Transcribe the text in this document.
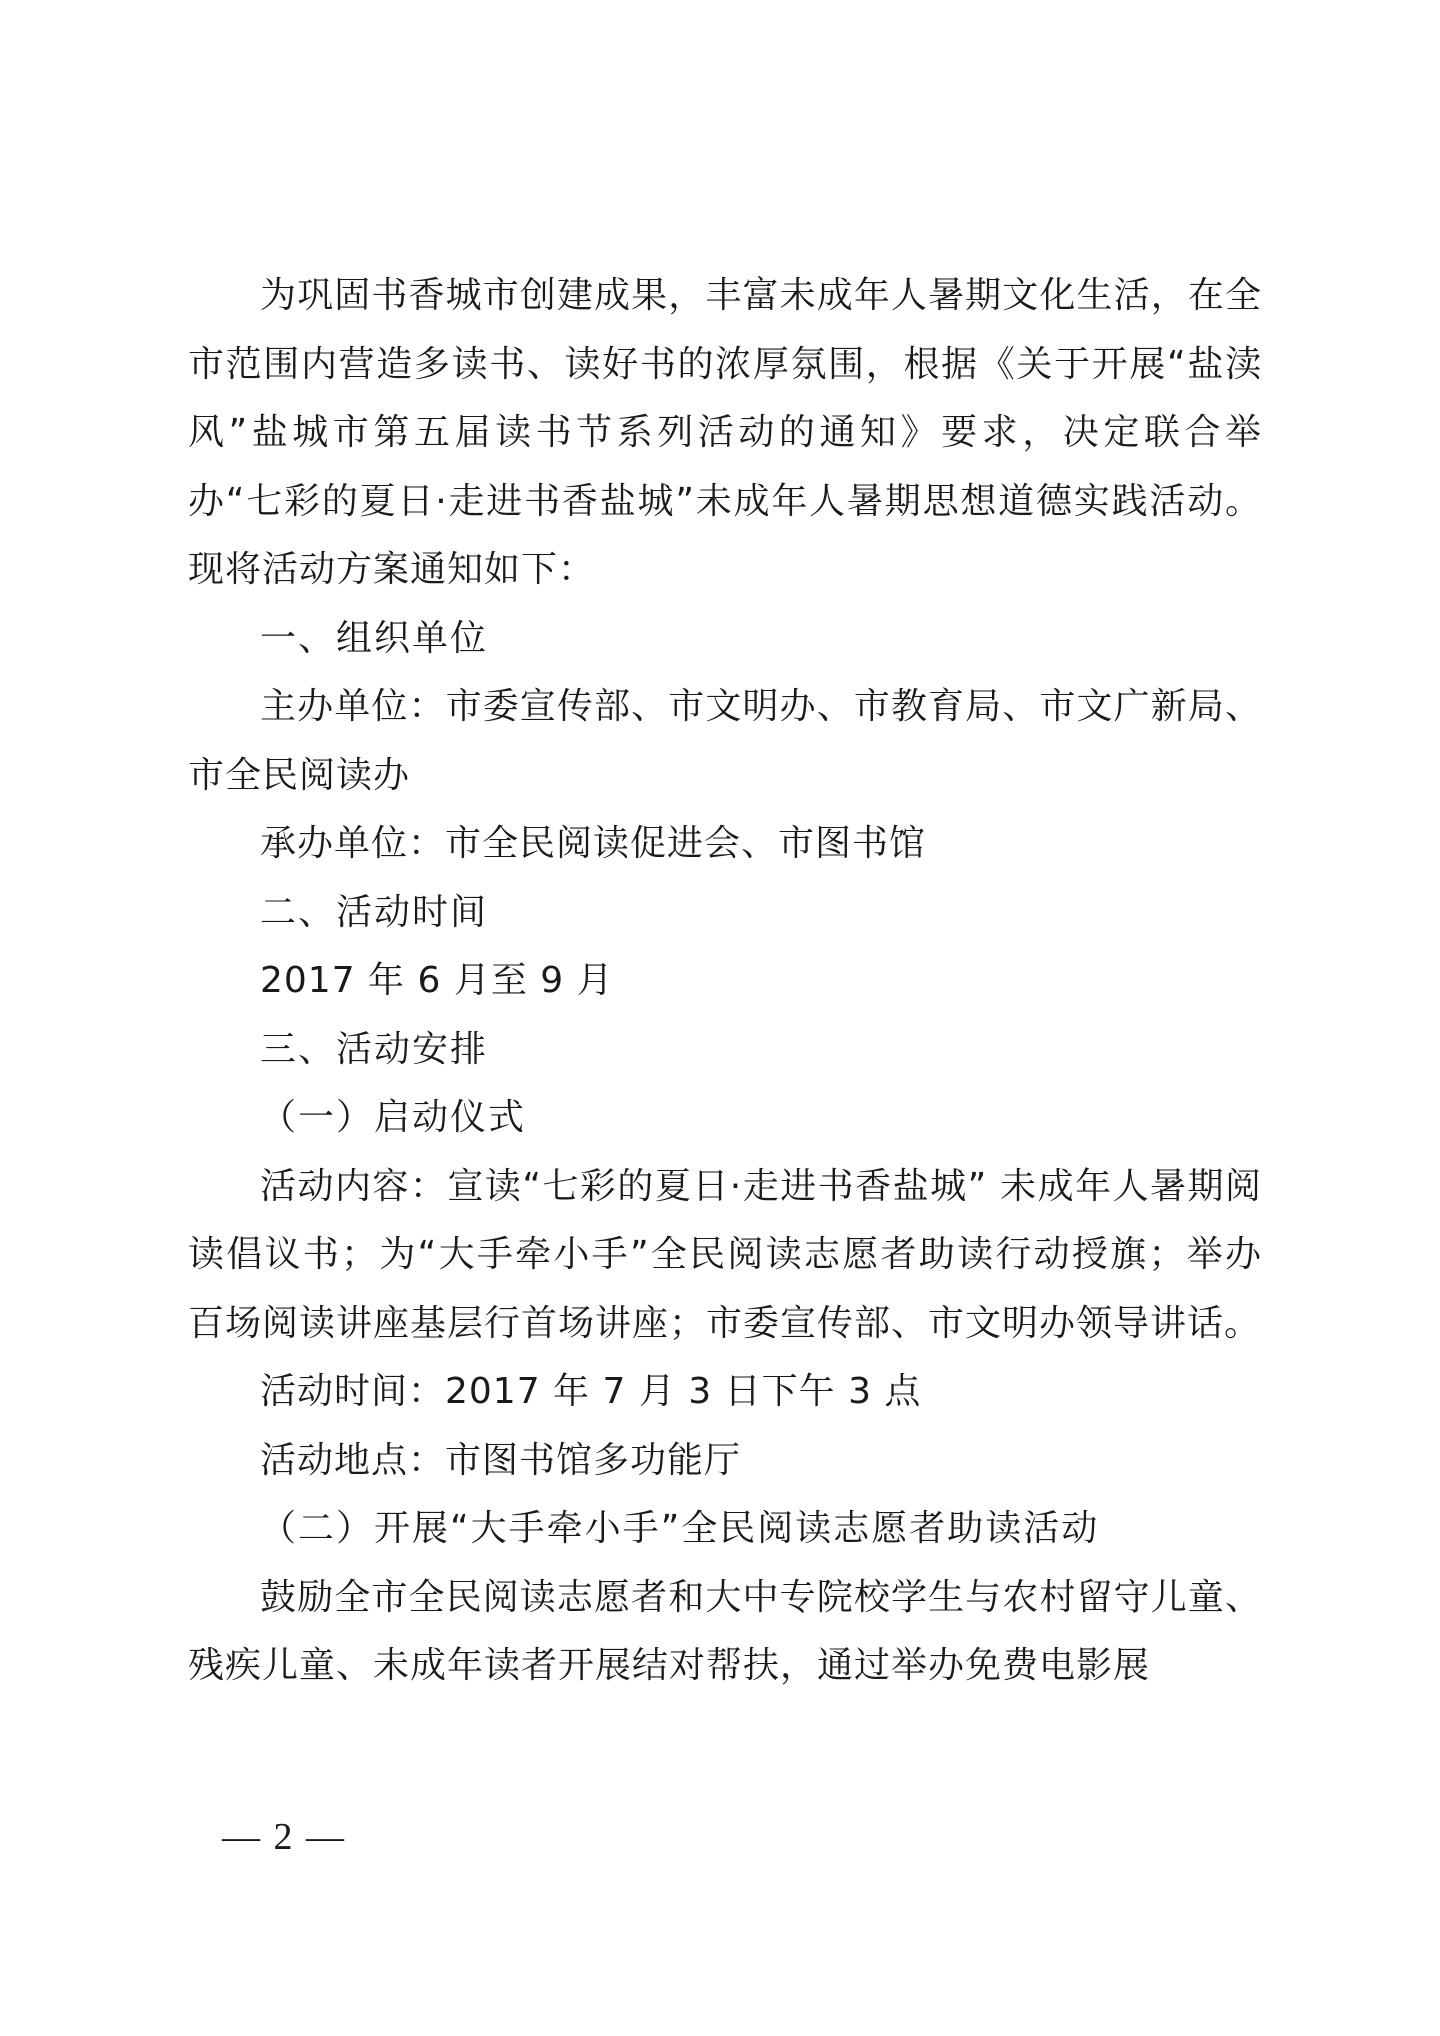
为巩固书香城市创建成果，丰富未成年人暑期文化生活，在全市范围内营造多读书、读好书的浓厚氛围，根据《关于开展“盐渎风”盐城市第五届读书节系列活动的通知》要求，决定联合举办“七彩的夏日·走进书香盐城”未成年人暑期思想道德实践活动。现将活动方案通知如下：

一、组织单位

主办单位：市委宣传部、市文明办、市教育局、市文广新局、市全民阅读办

承办单位：市全民阅读促进会、市图书馆

二、活动时间

2017 年 6 月至 9 月

三、活动安排

（一）启动仪式

活动内容：宣读“七彩的夏日·走进书香盐城” 未成年人暑期阅读倡议书；为“大手牵小手”全民阅读志愿者助读行动授旗；举办百场阅读讲座基层行首场讲座；市委宣传部、市文明办领导讲话。

活动时间：2017 年 7 月 3 日下午 3 点

活动地点：市图书馆多功能厅

（二）开展“大手牵小手”全民阅读志愿者助读活动

鼓励全市全民阅读志愿者和大中专院校学生与农村留守儿童、残疾儿童、未成年读者开展结对帮扶，通过举办免费电影展

— 2 —
